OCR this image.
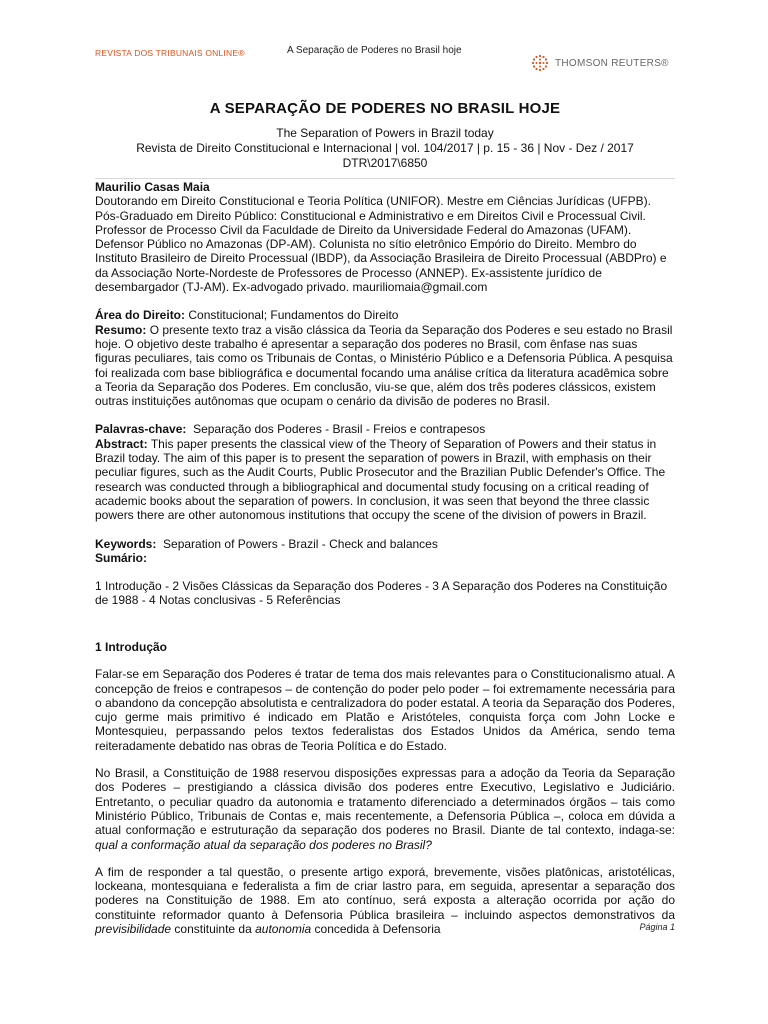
REVISTA DOS TRIBUNAIS ONLINE®	A Separação de Poderes no Brasil hoje
THOMSON REUTERS®

A SEPARAÇÃO DE PODERES NO BRASIL HOJE

The Separation of Powers in Brazil today

Revista de Direito Constitucional e Internacional | vol. 104/2017 | p. 15 - 36 | Nov - Dez / 2017

DTR\2017\6850

Maurilio Casas Maia

Doutorando em Direito Constitucional e Teoria Política (UNIFOR). Mestre em Ciências Jurídicas (UFPB). Pós-Graduado em Direito Público: Constitucional e Administrativo e em Direitos Civil e Processual Civil. Professor de Processo Civil da Faculdade de Direito da Universidade Federal do Amazonas (UFAM). Defensor Público no Amazonas (DP-AM). Colunista no sítio eletrônico Empório do Direito. Membro do Instituto Brasileiro de Direito Processual (IBDP), da Associação Brasileira de Direito Processual (ABDPro) e da Associação Norte-Nordeste de Professores de Processo (ANNEP). Ex-assistente jurídico de desembargador (TJ-AM). Ex-advogado privado. mauriliomaia@gmail.com

Área do Direito: Constitucional; Fundamentos do Direito

Resumo: O presente texto traz a visão clássica da Teoria da Separação dos Poderes e seu estado no Brasil hoje. O objetivo deste trabalho é apresentar a separação dos poderes no Brasil, com ênfase nas suas figuras peculiares, tais como os Tribunais de Contas, o Ministério Público e a Defensoria Pública. A pesquisa foi realizada com base bibliográfica e documental focando uma análise crítica da literatura acadêmica sobre a Teoria da Separação dos Poderes. Em conclusão, viu-se que, além dos três poderes clássicos, existem outras instituições autônomas que ocupam o cenário da divisão de poderes no Brasil.

Palavras-chave: Separação dos Poderes - Brasil - Freios e contrapesos

Abstract: This paper presents the classical view of the Theory of Separation of Powers and their status in Brazil today. The aim of this paper is to present the separation of powers in Brazil, with emphasis on their peculiar figures, such as the Audit Courts, Public Prosecutor and the Brazilian Public Defender's Office. The research was conducted through a bibliographical and documental study focusing on a critical reading of academic books about the separation of powers. In conclusion, it was seen that beyond the three classic powers there are other autonomous institutions that occupy the scene of the division of powers in Brazil.

Keywords: Separation of Powers - Brazil - Check and balances

Sumário:

1 Introdução - 2 Visões Clássicas da Separação dos Poderes - 3 A Separação dos Poderes na Constituição de 1988 - 4 Notas conclusivas - 5 Referências

1 Introdução

Falar-se em Separação dos Poderes é tratar de tema dos mais relevantes para o Constitucionalismo atual. A concepção de freios e contrapesos – de contenção do poder pelo poder – foi extremamente necessária para o abandono da concepção absolutista e centralizadora do poder estatal. A teoria da Separação dos Poderes, cujo germe mais primitivo é indicado em Platão e Aristóteles, conquista força com John Locke e Montesquieu, perpassando pelos textos federalistas dos Estados Unidos da América, sendo tema reiteradamente debatido nas obras de Teoria Política e do Estado.

No Brasil, a Constituição de 1988 reservou disposições expressas para a adoção da Teoria da Separação dos Poderes – prestigiando a clássica divisão dos poderes entre Executivo, Legislativo e Judiciário. Entretanto, o peculiar quadro da autonomia e tratamento diferenciado a determinados órgãos – tais como Ministério Público, Tribunais de Contas e, mais recentemente, a Defensoria Pública –, coloca em dúvida a atual conformação e estruturação da separação dos poderes no Brasil. Diante de tal contexto, indaga-se: qual a conformação atual da separação dos poderes no Brasil?

A fim de responder a tal questão, o presente artigo exporá, brevemente, visões platônicas, aristotélicas, lockeana, montesquiana e federalista a fim de criar lastro para, em seguida, apresentar a separação dos poderes na Constituição de 1988. Em ato contínuo, será exposta a alteração ocorrida por ação do constituinte reformador quanto à Defensoria Pública brasileira – incluindo aspectos demonstrativos da previsibilidade constituinte da autonomia concedida à Defensoria	Página 1
